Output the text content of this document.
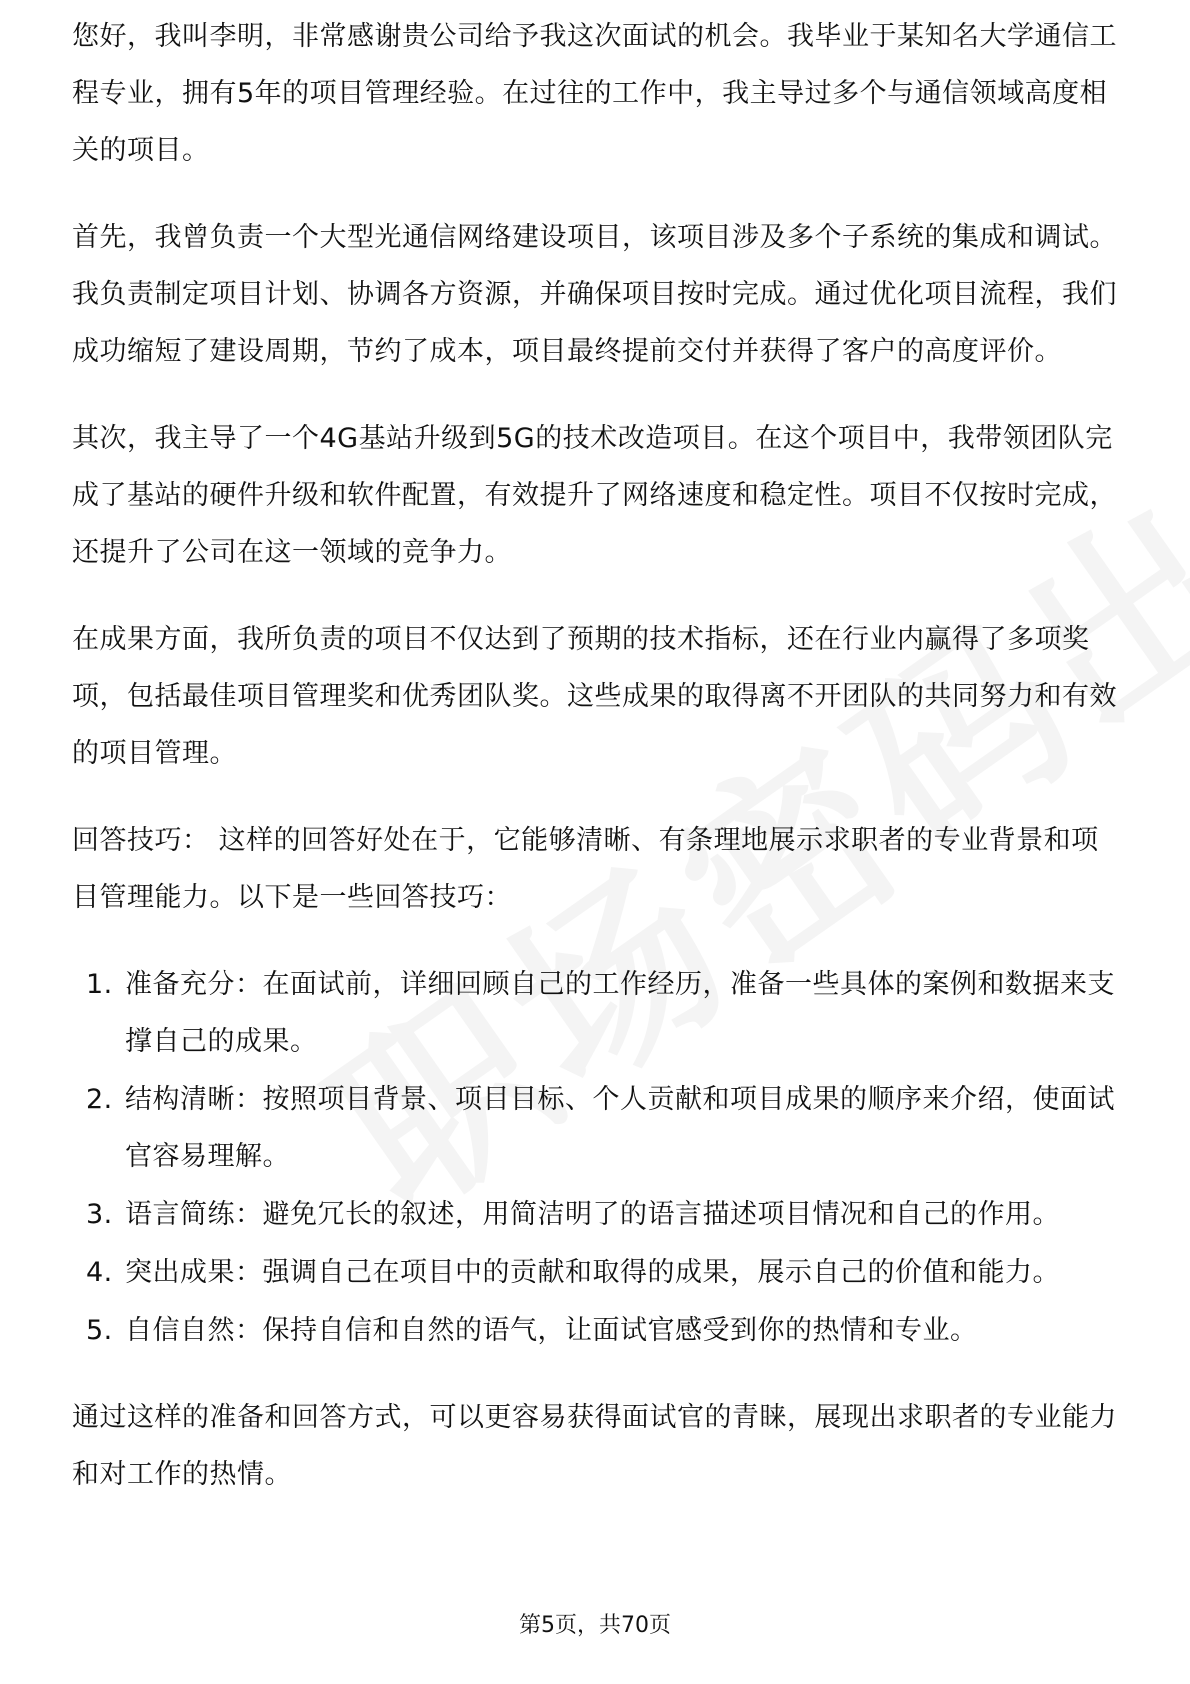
您好，我叫李明，非常感谢贵公司给予我这次面试的机会。我毕业于某知名大学通信工程专业，拥有5年的项目管理经验。在过往的工作中，我主导过多个与通信领域高度相关的项目。

首先，我曾负责一个大型光通信网络建设项目，该项目涉及多个子系统的集成和调试。我负责制定项目计划、协调各方资源，并确保项目按时完成。通过优化项目流程，我们成功缩短了建设周期，节约了成本，项目最终提前交付并获得了客户的高度评价。

其次，我主导了一个4G基站升级到5G的技术改造项目。在这个项目中，我带领团队完成了基站的硬件升级和软件配置，有效提升了网络速度和稳定性。项目不仅按时完成，还提升了公司在这一领域的竞争力。

在成果方面，我所负责的项目不仅达到了预期的技术指标，还在行业内赢得了多项奖项，包括最佳项目管理奖和优秀团队奖。这些成果的取得离不开团队的共同努力和有效的项目管理。

回答技巧： 这样的回答好处在于，它能够清晰、有条理地展示求职者的专业背景和项目管理能力。以下是一些回答技巧：

1. 准备充分：在面试前，详细回顾自己的工作经历，准备一些具体的案例和数据来支撑自己的成果。
2. 结构清晰：按照项目背景、项目目标、个人贡献和项目成果的顺序来介绍，使面试官容易理解。
3. 语言简练：避免冗长的叙述，用简洁明了的语言描述项目情况和自己的作用。
4. 突出成果：强调自己在项目中的贡献和取得的成果，展示自己的价值和能力。
5. 自信自然：保持自信和自然的语气，让面试官感受到你的热情和专业。

通过这样的准备和回答方式，可以更容易获得面试官的青睐，展现出求职者的专业能力和对工作的热情。

第5页，共70页
